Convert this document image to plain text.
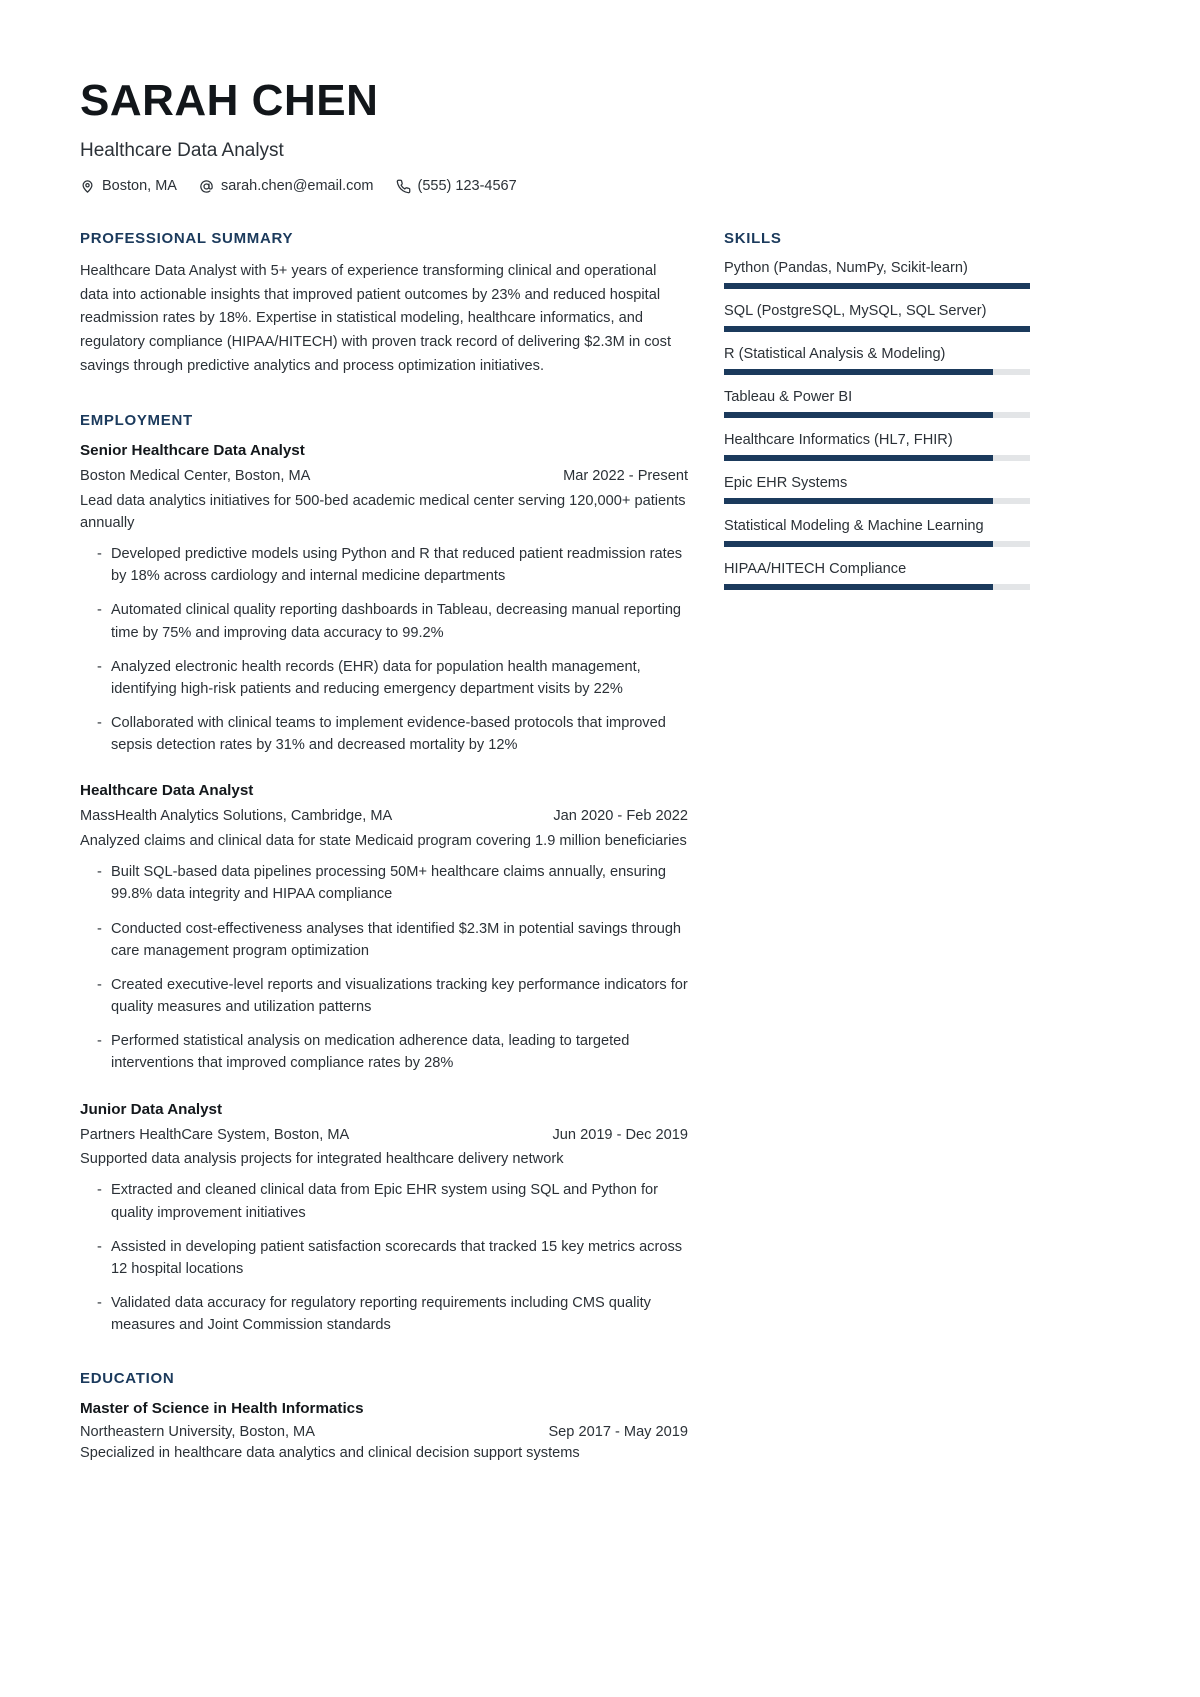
SARAH CHEN
Healthcare Data Analyst
Boston, MA	sarah.chen@email.com	(555) 123-4567
PROFESSIONAL SUMMARY

Healthcare Data Analyst with 5+ years of experience transforming clinical and operational data into actionable insights that improved patient outcomes by 23% and reduced hospital readmission rates by 18%. Expertise in statistical modeling, healthcare informatics, and regulatory compliance (HIPAA/HITECH) with proven track record of delivering $2.3M in cost savings through predictive analytics and process optimization initiatives.

EMPLOYMENT
Senior Healthcare Data Analyst
Boston Medical Center, Boston, MA	Mar 2022 - Present
Lead data analytics initiatives for 500-bed academic medical center serving 120,000+ patients annually
- Developed predictive models using Python and R that reduced patient readmission rates by 18% across cardiology and internal medicine departments
- Automated clinical quality reporting dashboards in Tableau, decreasing manual reporting time by 75% and improving data accuracy to 99.2%
- Analyzed electronic health records (EHR) data for population health management, identifying high-risk patients and reducing emergency department visits by 22%
- Collaborated with clinical teams to implement evidence-based protocols that improved sepsis detection rates by 31% and decreased mortality by 12%
Healthcare Data Analyst
MassHealth Analytics Solutions, Cambridge, MA	Jan 2020 - Feb 2022
Analyzed claims and clinical data for state Medicaid program covering 1.9 million beneficiaries
- Built SQL-based data pipelines processing 50M+ healthcare claims annually, ensuring 99.8% data integrity and HIPAA compliance
- Conducted cost-effectiveness analyses that identified $2.3M in potential savings through care management program optimization
- Created executive-level reports and visualizations tracking key performance indicators for quality measures and utilization patterns
- Performed statistical analysis on medication adherence data, leading to targeted interventions that improved compliance rates by 28%
Junior Data Analyst
Partners HealthCare System, Boston, MA	Jun 2019 - Dec 2019
Supported data analysis projects for integrated healthcare delivery network
- Extracted and cleaned clinical data from Epic EHR system using SQL and Python for quality improvement initiatives
- Assisted in developing patient satisfaction scorecards that tracked 15 key metrics across 12 hospital locations
- Validated data accuracy for regulatory reporting requirements including CMS quality measures and Joint Commission standards
EDUCATION
Master of Science in Health Informatics
Northeastern University, Boston, MA	Sep 2017 - May 2019
Specialized in healthcare data analytics and clinical decision support systems
SKILLS
Python (Pandas, NumPy, Scikit-learn)
SQL (PostgreSQL, MySQL, SQL Server)
R (Statistical Analysis & Modeling)
Tableau & Power BI
Healthcare Informatics (HL7, FHIR)
Epic EHR Systems
Statistical Modeling & Machine Learning
HIPAA/HITECH Compliance
